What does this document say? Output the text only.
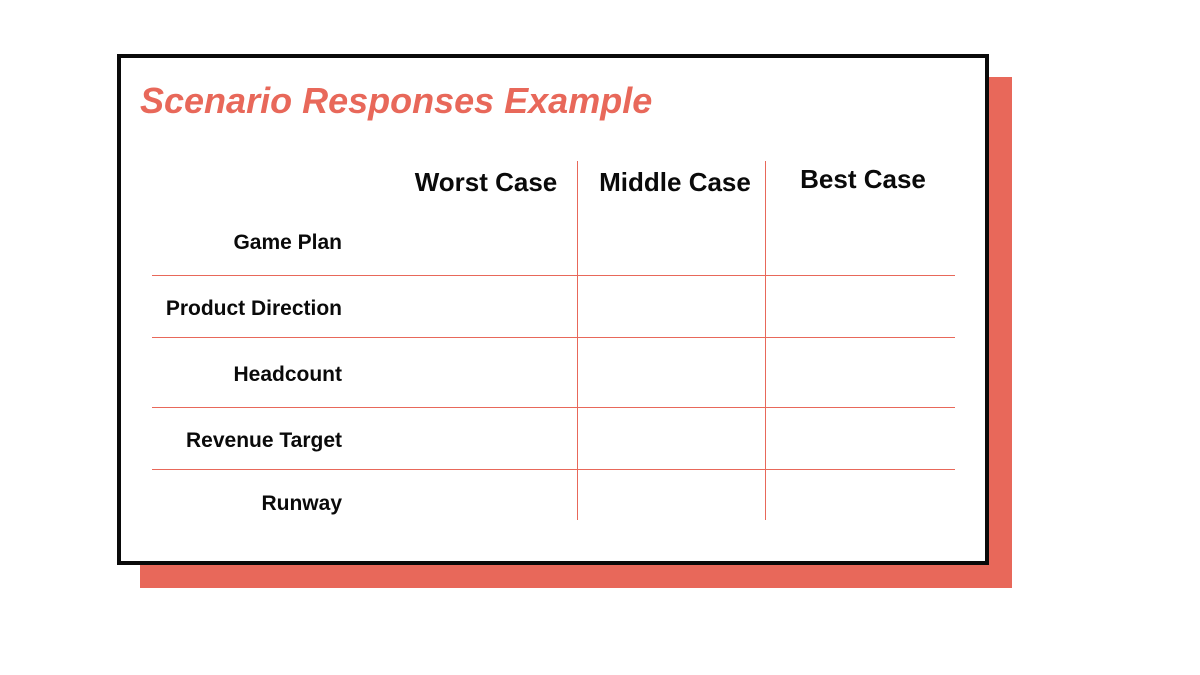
Scenario Responses Example
Worst Case	Middle Case	Best Case
Game Plan
Product Direction
Headcount
Revenue Target
Runway
